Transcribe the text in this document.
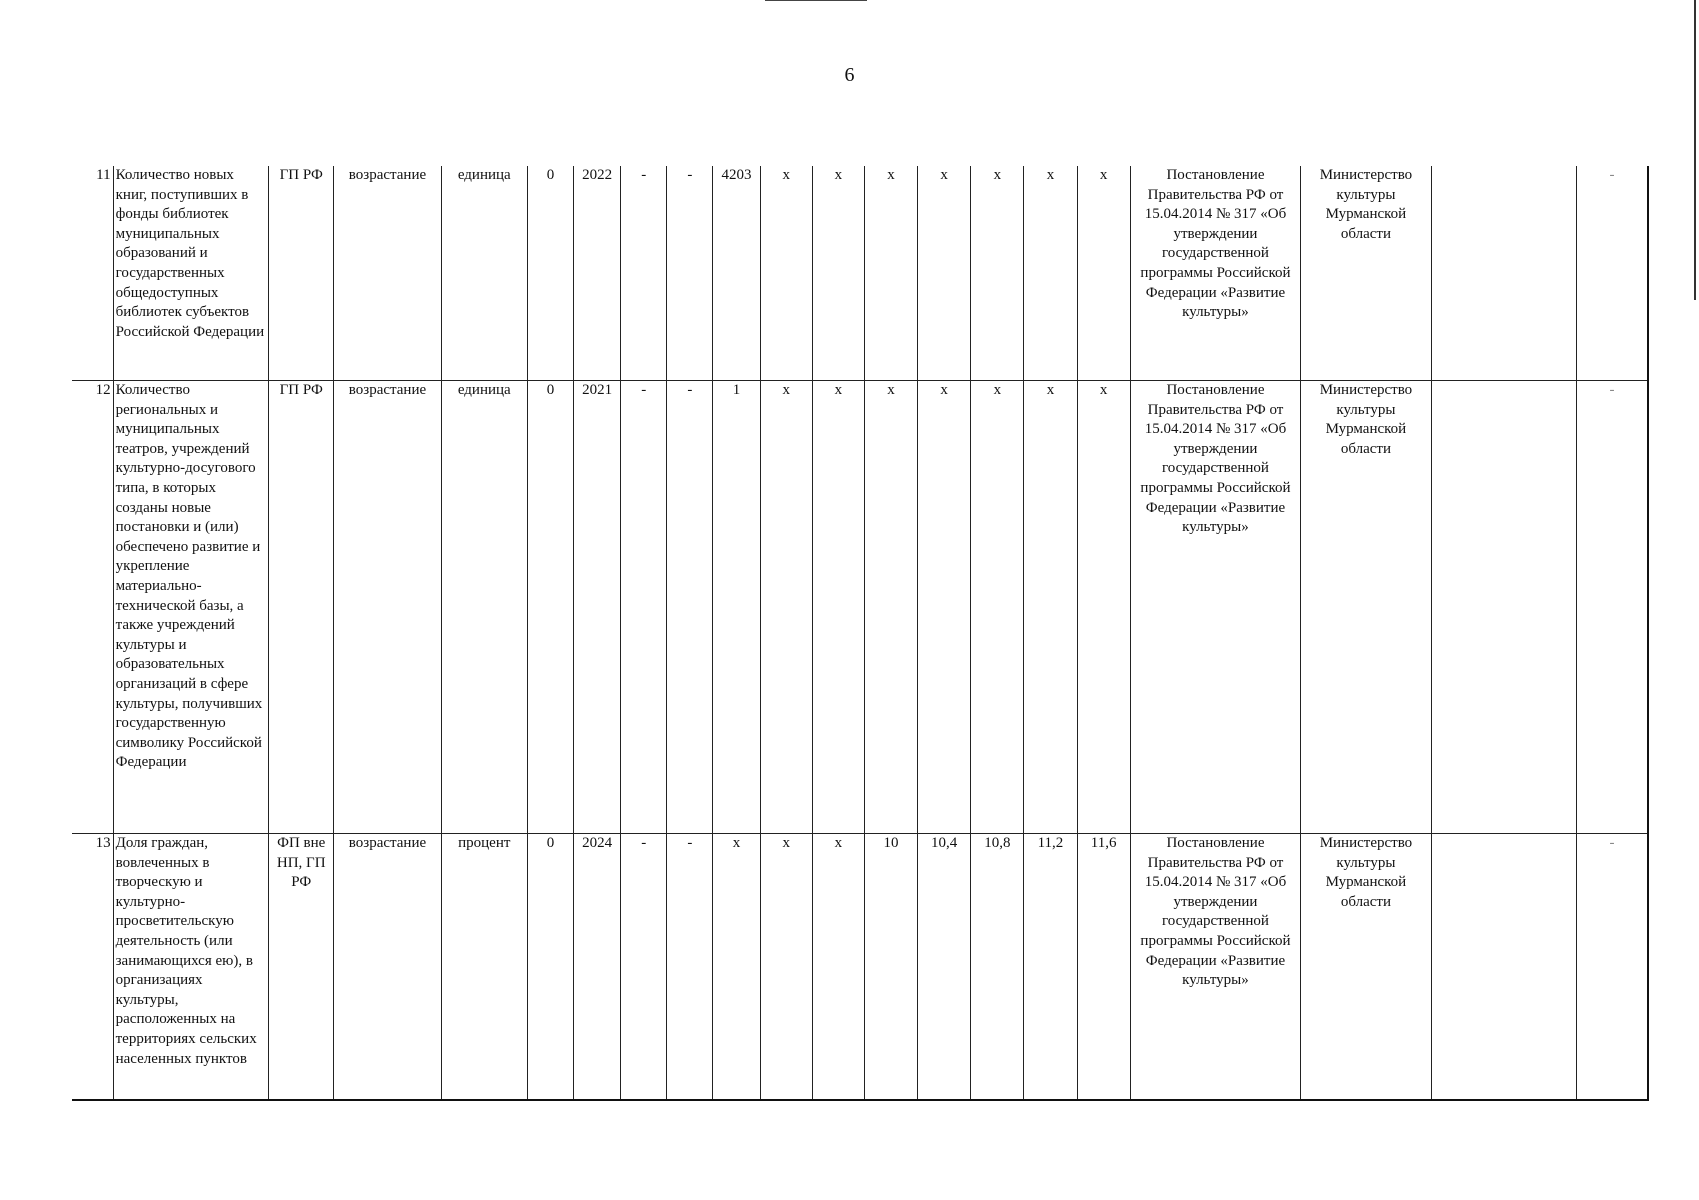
6
11	Количество новых книг, поступивших в фонды библиотек муниципальных образований и государственных общедоступных библиотек субъектов Российской Федерации	ГП РФ	возрастание	единица	0	2022	-	-	4203	х	х	х	х	х	х	х	Постановление Правительства РФ от 15.04.2014 № 317 «Об утверждении государственной программы Российской Федерации «Развитие культуры»	Министерство культуры Мурманской области		-
12	Количество региональных и муниципальных театров, учреждений культурно-досугового типа, в которых созданы новые постановки и (или) обеспечено развитие и укрепление материально-технической базы, а также учреждений культуры и образовательных организаций в сфере культуры, получивших государственную символику Российской Федерации	ГП РФ	возрастание	единица	0	2021	-	-	1	х	х	х	х	х	х	х	Постановление Правительства РФ от 15.04.2014 № 317 «Об утверждении государственной программы Российской Федерации «Развитие культуры»	Министерство культуры Мурманской области		-
13	Доля граждан, вовлеченных в творческую и культурно-просветительскую деятельность (или занимающихся ею), в организациях культуры, расположенных на территориях сельских населенных пунктов	ФП вне НП, ГП РФ	возрастание	процент	0	2024	-	-	х	х	х	10	10,4	10,8	11,2	11,6	Постановление Правительства РФ от 15.04.2014 № 317 «Об утверждении государственной программы Российской Федерации «Развитие культуры»	Министерство культуры Мурманской области		-
